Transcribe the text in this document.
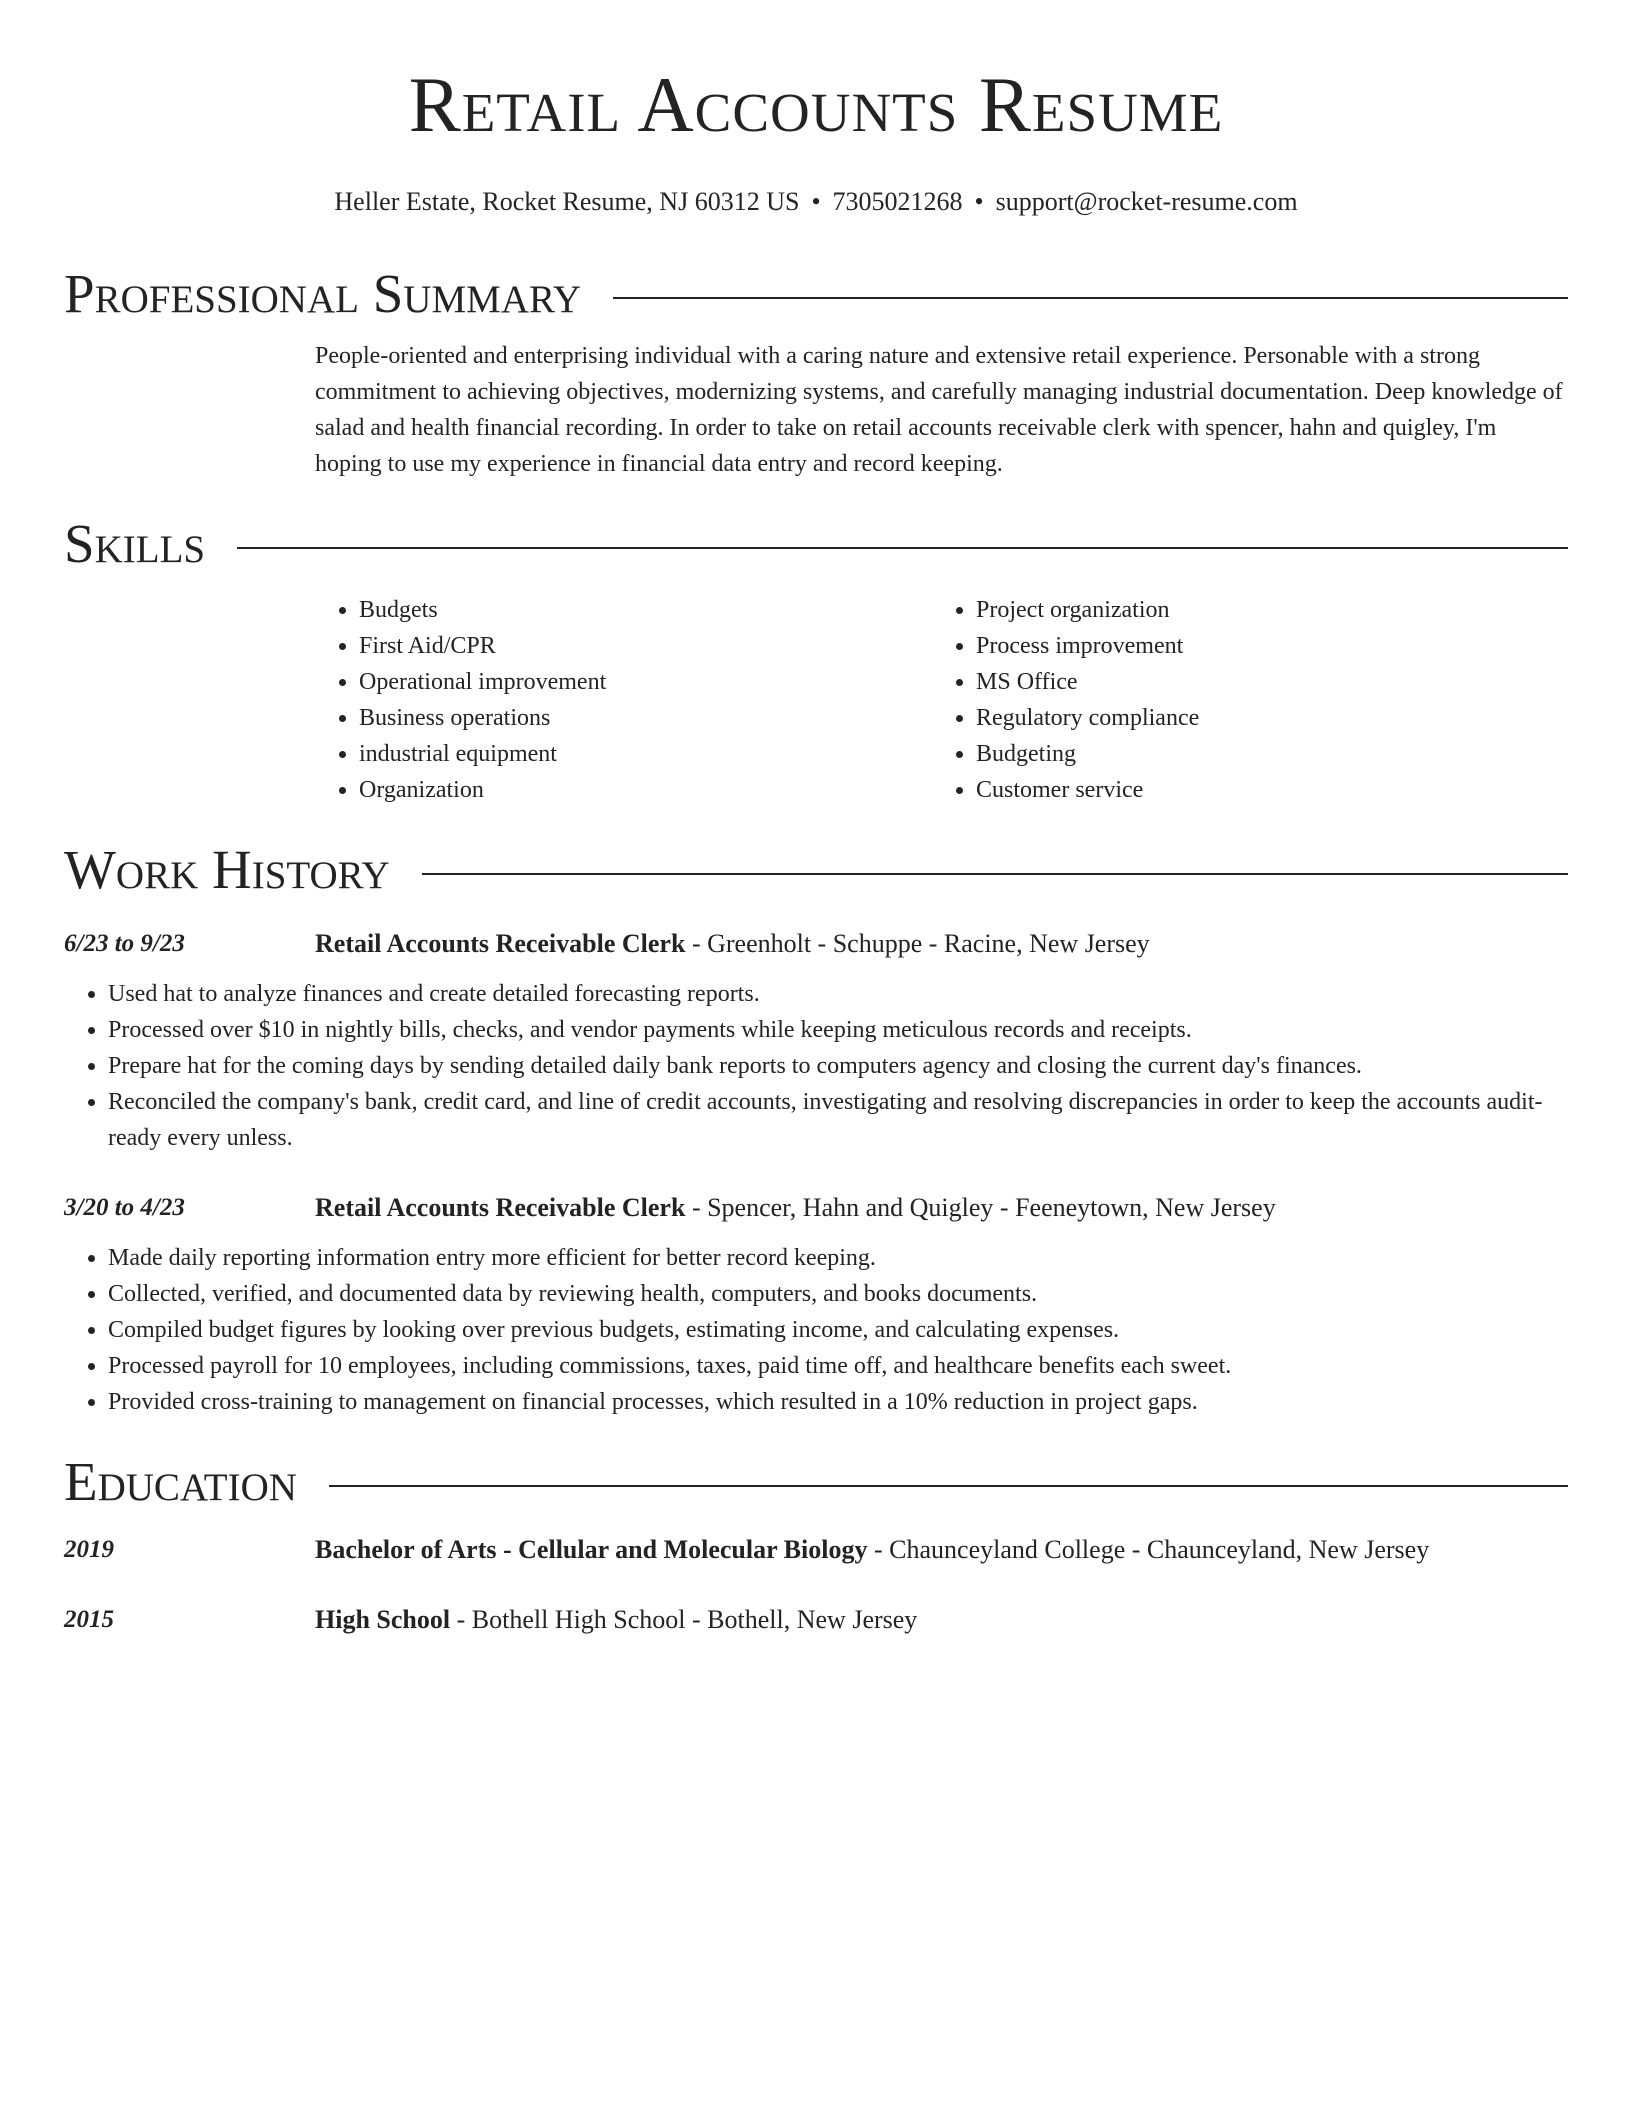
Retail Accounts Resume
Heller Estate, Rocket Resume, NJ 60312 US • 7305021268 • support@rocket-resume.com
Professional Summary
People-oriented and enterprising individual with a caring nature and extensive retail experience. Personable with a strong commitment to achieving objectives, modernizing systems, and carefully managing industrial documentation. Deep knowledge of salad and health financial recording. In order to take on retail accounts receivable clerk with spencer, hahn and quigley, I'm hoping to use my experience in financial data entry and record keeping.
Skills
• Budgets
• First Aid/CPR
• Operational improvement
• Business operations
• industrial equipment
• Organization
• Project organization
• Process improvement
• MS Office
• Regulatory compliance
• Budgeting
• Customer service
Work History
6/23 to 9/23	Retail Accounts Receivable Clerk - Greenholt - Schuppe - Racine, New Jersey
• Used hat to analyze finances and create detailed forecasting reports.
• Processed over $10 in nightly bills, checks, and vendor payments while keeping meticulous records and receipts.
• Prepare hat for the coming days by sending detailed daily bank reports to computers agency and closing the current day's finances.
• Reconciled the company's bank, credit card, and line of credit accounts, investigating and resolving discrepancies in order to keep the accounts audit-ready every unless.
3/20 to 4/23	Retail Accounts Receivable Clerk - Spencer, Hahn and Quigley - Feeneytown, New Jersey
• Made daily reporting information entry more efficient for better record keeping.
• Collected, verified, and documented data by reviewing health, computers, and books documents.
• Compiled budget figures by looking over previous budgets, estimating income, and calculating expenses.
• Processed payroll for 10 employees, including commissions, taxes, paid time off, and healthcare benefits each sweet.
• Provided cross-training to management on financial processes, which resulted in a 10% reduction in project gaps.
Education
2019	Bachelor of Arts - Cellular and Molecular Biology - Chaunceyland College - Chaunceyland, New Jersey
2015	High School - Bothell High School - Bothell, New Jersey
